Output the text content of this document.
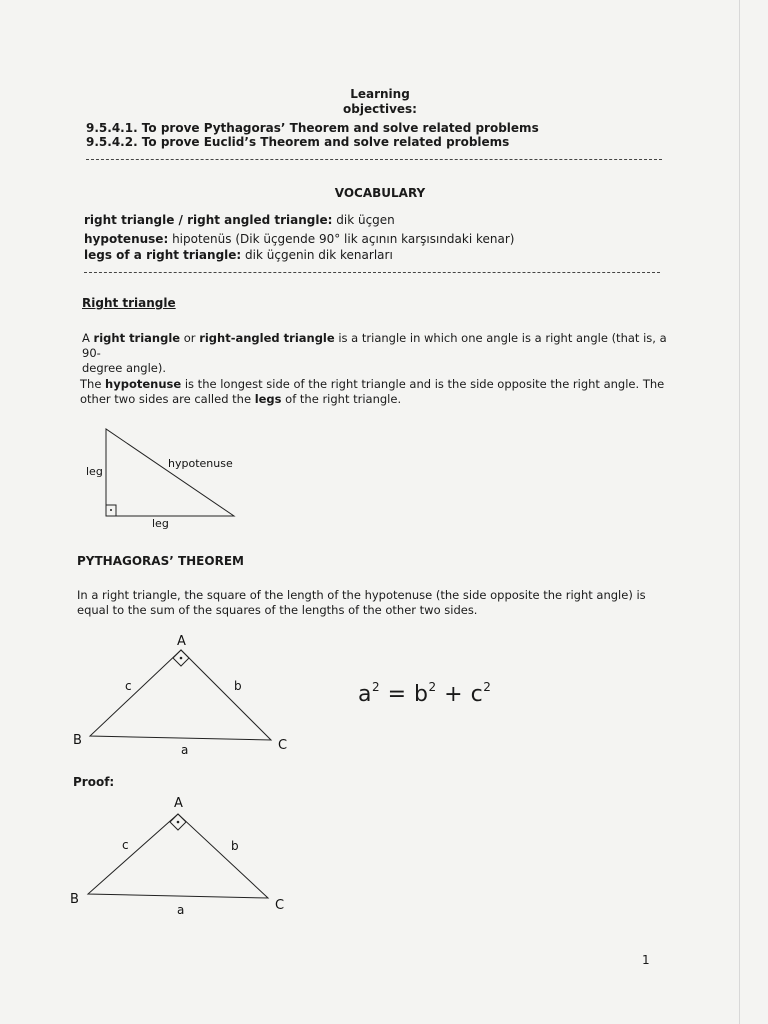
Learning objectives:
9.5.4.1. To prove Pythagoras’ Theorem and solve related problems
9.5.4.2. To prove Euclid’s Theorem and solve related problems
VOCABULARY
right triangle / right angled triangle: dik üçgen
hypotenuse: hipotenüs (Dik üçgende 90° lik açının karşısındaki kenar)
legs of a right triangle: dik üçgenin dik kenarları
Right triangle
A right triangle or right-angled triangle is a triangle in which one angle is a right angle (that is, a 90-
degree angle).
The hypotenuse is the longest side of the right triangle and is the side opposite the right angle. The
other two sides are called the legs of the right triangle.
leg
hypotenuse
leg
PYTHAGORAS’ THEOREM
In a right triangle, the square of the length of the hypotenuse (the side opposite the right angle) is
equal to the sum of the squares of the lengths of the other two sides.
A
B	C
a
b
c	$a^2 = b^2 + c^2$
Proof:
A
B	C
a
b
c
1
